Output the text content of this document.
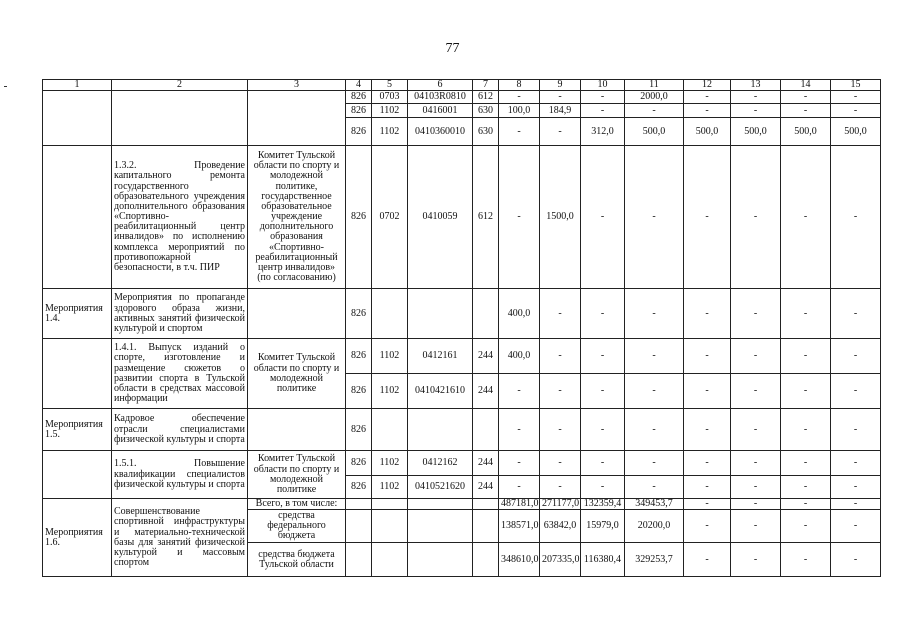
77
1	2	3	4	5	6	7	8	9	10	11	12	13	14	15
			826	0703	04103R0810	612	-	-	-	2000,0	-	-	-	-
			826	1102	0416001	630	100,0	184,9	-	-	-	-	-	-
			826	1102	0410360010	630	-	-	312,0	500,0	500,0	500,0	500,0	500,0
	1.3.2. Проведение капитального ремонта государственного образовательного учреждения дополнительного образования «Спортивно-реабилитационный центр инвалидов» по исполнению комплекса мероприятий по противопожарной безопасности, в т.ч. ПИР	Комитет Тульской области по спорту и молодежной политике, государственное образовательное учреждение дополнительного образования «Спортивно-реабилитационный центр инвалидов» (по согласованию)	826	0702	0410059	612	-	1500,0	-	-	-	-	-	-
Мероприятия 1.4.	Мероприятия по пропаганде здорового образа жизни, активных занятий физической культурой и спортом		826				400,0	-	-	-	-	-	-	-
	1.4.1. Выпуск изданий о спорте, изготовление и размещение сюжетов о развитии спорта в Тульской области в средствах массовой информации	Комитет Тульской области по спорту и молодежной политике	826	1102	0412161	244	400,0	-	-	-	-	-	-	-
			826	1102	0410421610	244	-	-	-	-	-	-	-	-
Мероприятия 1.5.	Кадровое обеспечение отрасли специалистами физической культуры и спорта		826				-	-	-	-	-	-	-	-
	1.5.1. Повышение квалификации специалистов физической культуры и спорта	Комитет Тульской области по спорту и молодежной политике	826	1102	0412162	244	-	-	-	-	-	-	-	-
			826	1102	0410521620	244	-	-	-	-	-	-	-	-
Мероприятия 1.6.	Совершенствование спортивной инфраструктуры и материально-технической базы для занятий физической культурой и массовым спортом	Всего, в том числе:					487181,0	271177,0	132359,4	349453,7	-	-	-	-
		средства федерального бюджета					138571,0	63842,0	15979,0	20200,0	-	-	-	-
		средства бюджета Тульской области					348610,0	207335,0	116380,4	329253,7	-	-	-	-
